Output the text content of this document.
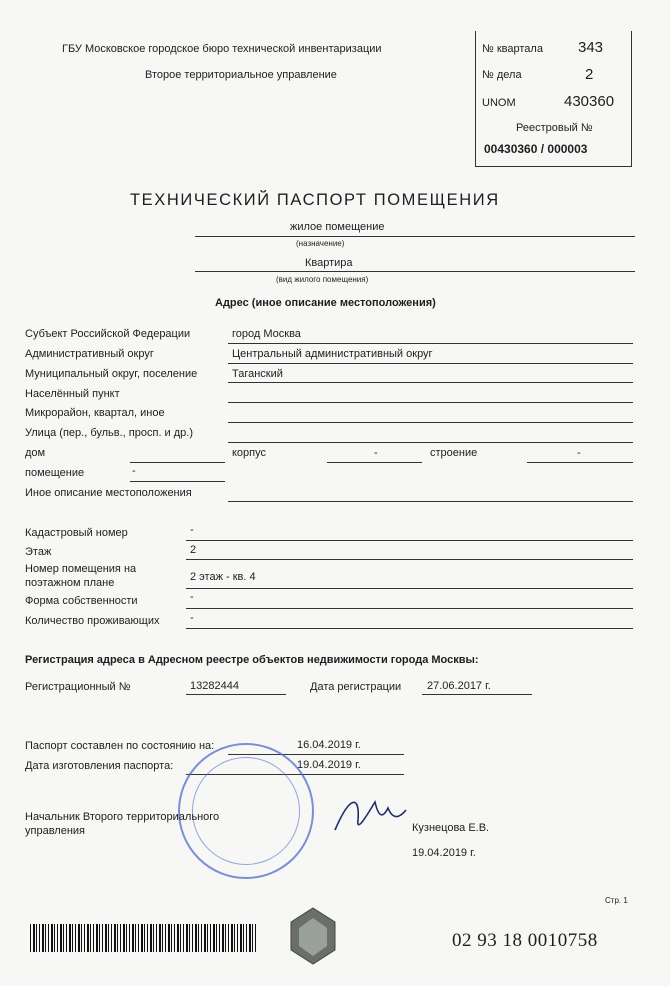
ГБУ Московское городское бюро технической инвентаризации
Второе территориальное управление
№ квартала 343
№ дела	2
UNOM	430360
Реестровый №
00430360 / 000003
ТЕХНИЧЕСКИЙ ПАСПОРТ ПОМЕЩЕНИЯ
жилое помещение
(назначение)
Квартира
(вид жилого помещения)
Адрес (иное описание местоположения)
Субъект Российской Федерации	город Москва
Административный округ	Центральный административный округ
Муниципальный округ, поселение	Таганский
Населённый пункт
Микрорайон, квартал, иное
Улица (пер., бульв., просп. и др.)
дом	корпус	-	строение	-
помещение	-
Иное описание местоположения
Кадастровый номер	-
Этаж	2
Номер помещения на
поэтажном плане	2 этаж - кв. 4
Форма собственности	-
Количество проживающих	-
Регистрация адреса в Адресном реестре объектов недвижимости города Москвы:
Регистрационный №	13282444	Дата регистрации 27.06.2017 г.
Паспорт составлен по состоянию на:	16.04.2019 г.
Дата изготовления паспорта:	19.04.2019 г.
Начальник Второго территориального
управления	Кузнецова Е.В.
19.04.2019 г.
Стр. 1
02 93 18 0010758
